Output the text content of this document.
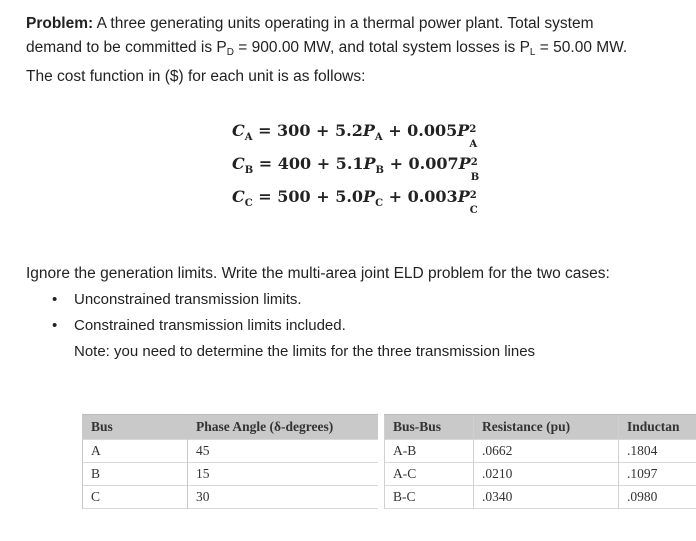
Problem: A three generating units operating in a thermal power plant. Total system
demand to be committed is $P_D = 900.00$ MW, and total system losses is $P_L = 50.00$ MW.
The cost function in ($) for each unit is as follows:
$C_A = 300 + 5.2P_A + 0.005P$ 2
A
$C_B = 400 + 5.1P_B + 0.007P$ 2
B
$C_C = 500 + 5.0P_C + 0.003P$ 2
C
Ignore the generation limits. Write the multi-area joint ELD problem for the two cases:
• Unconstrained transmission limits.
• Constrained transmission limits included.
Note: you need to determine the limits for the three transmission lines
Bus	Phase Angle (δ-degrees)
A	45
B	15
C	30
Bus-Bus	Resistance (pu)	Inductan
A-B	.0662	.1804
A-C	.0210	.1097
B-C	.0340	.0980
